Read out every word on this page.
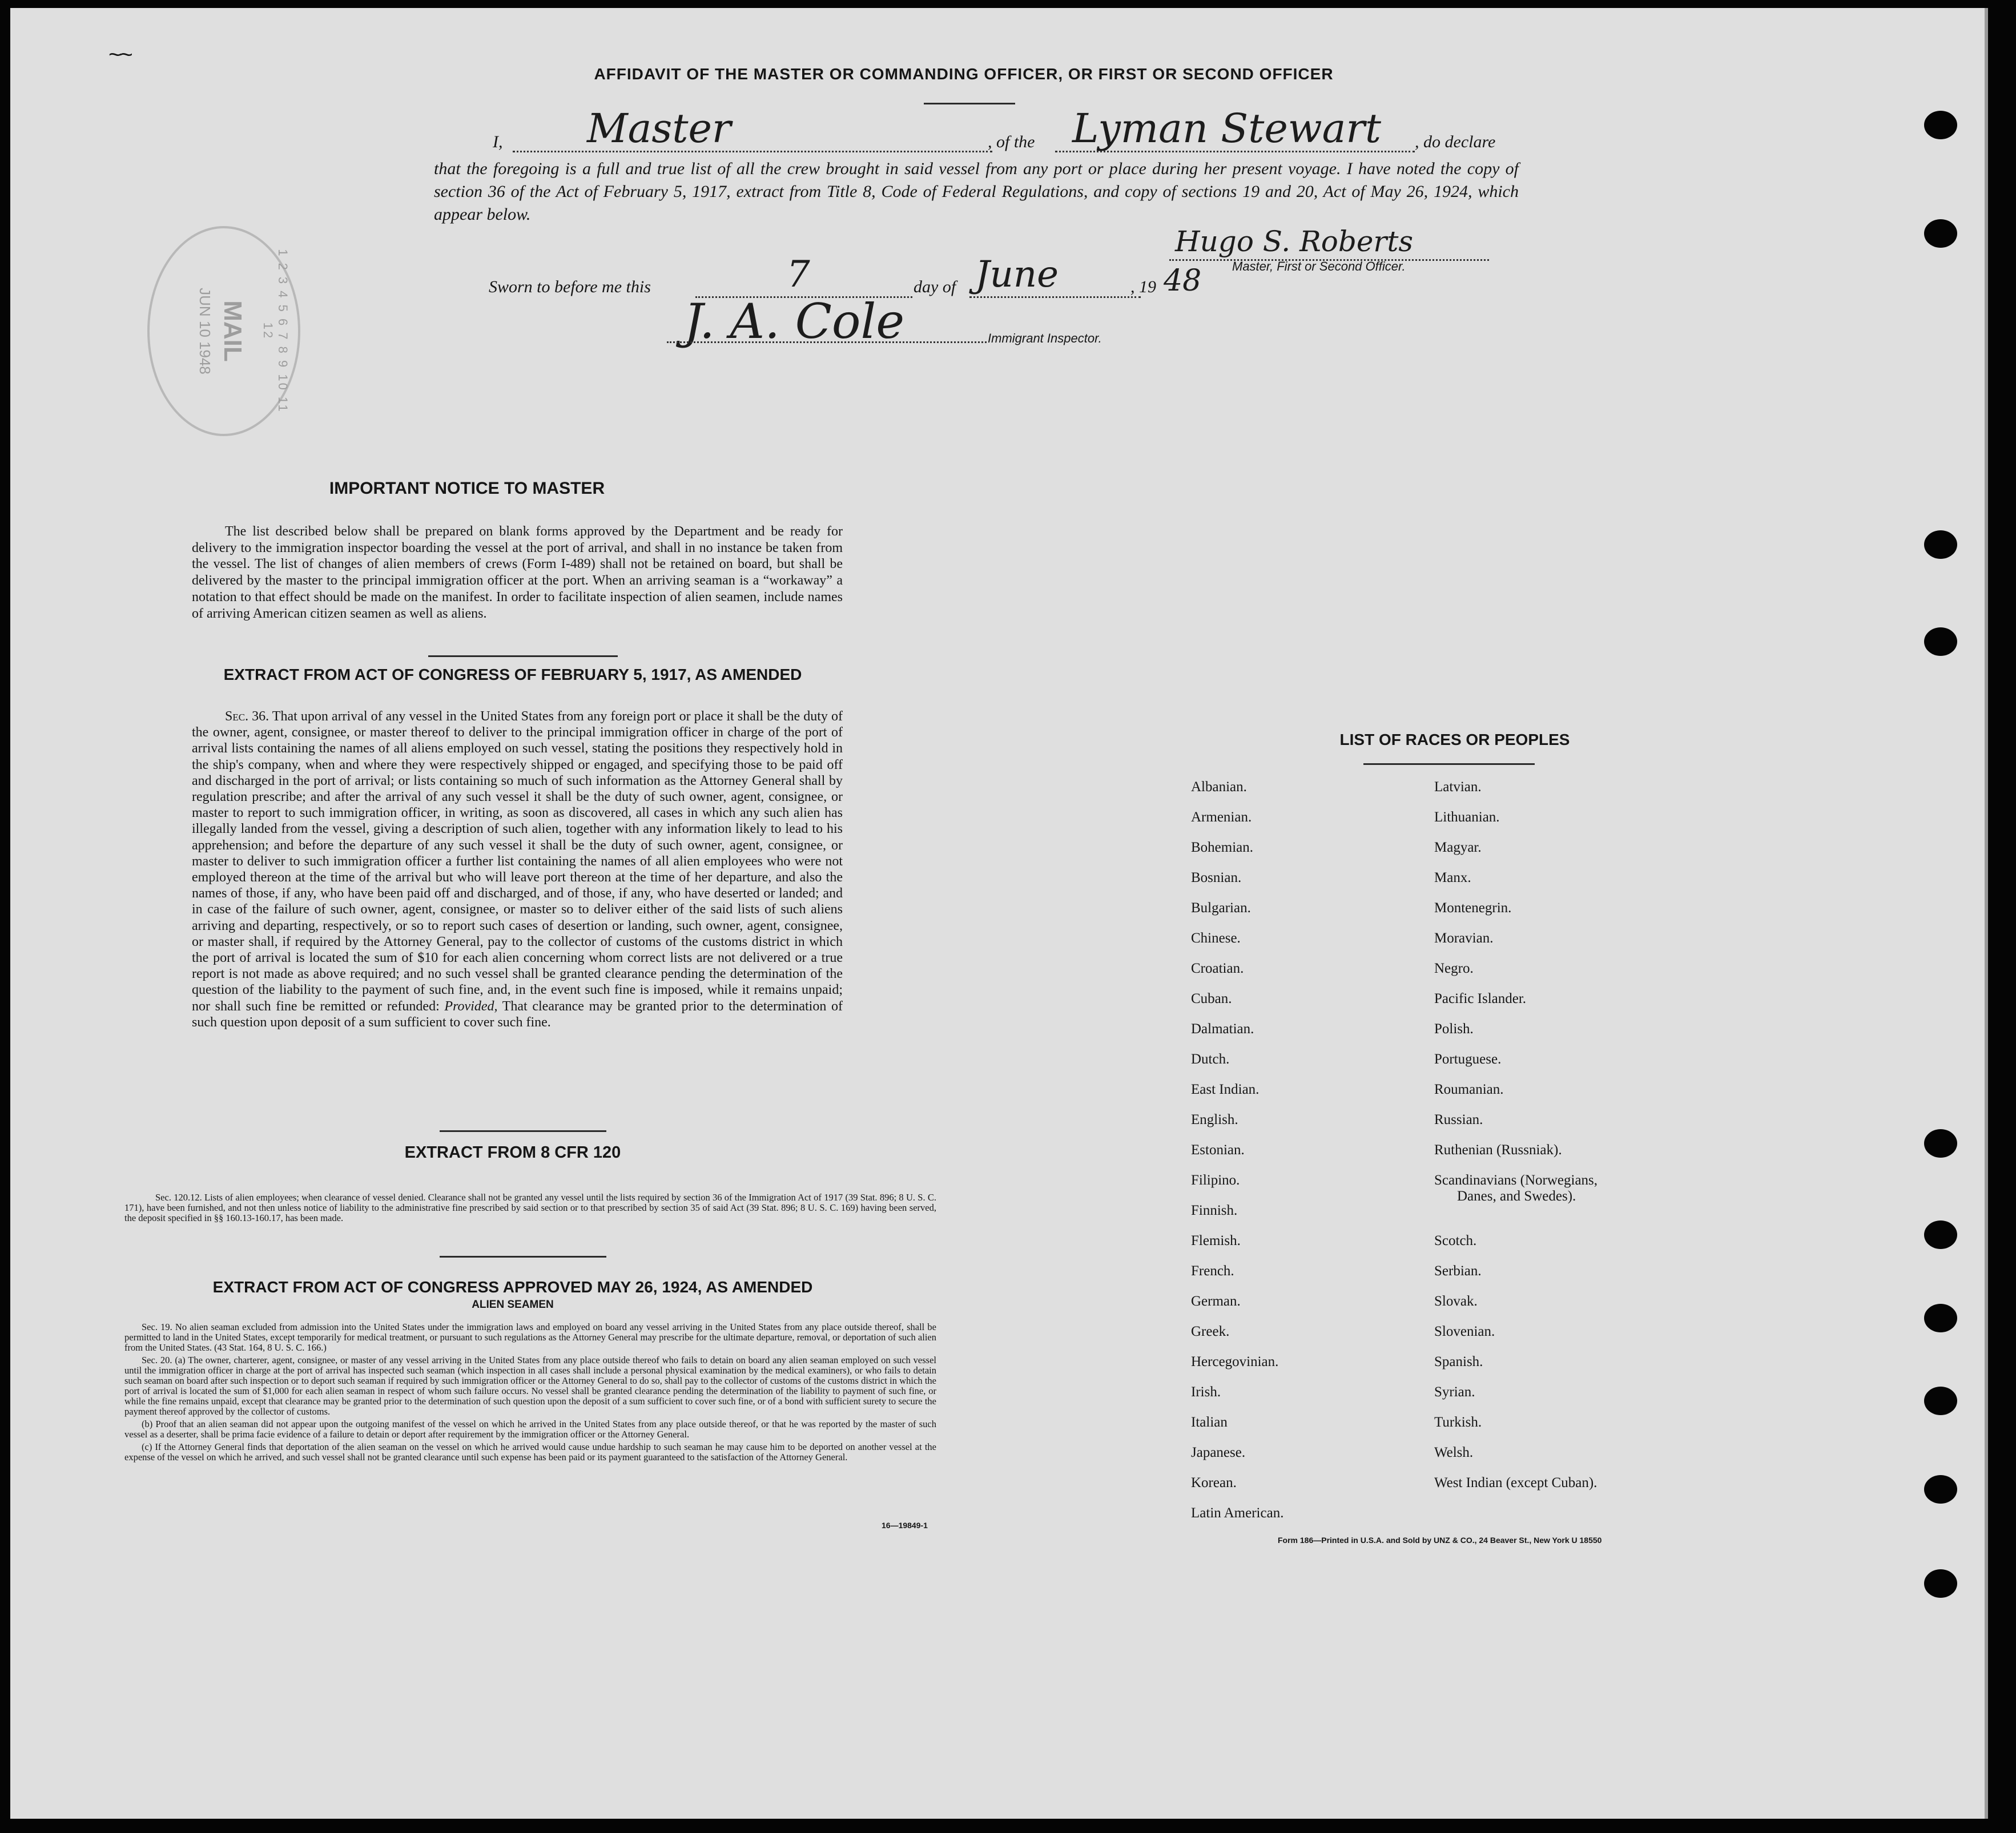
~~
AFFIDAVIT OF THE MASTER OR COMMANDING OFFICER, OR FIRST OR SECOND OFFICER
I, Master	, of the Lyman Stewart , do declare
that the foregoing is a full and true list of all the crew brought in said vessel from any port or place during her present voyage. I have noted the copy of section 36 of the Act of February 5, 1917, extract from Title 8, Code of Federal Regulations, and copy of sections 19 and 20, Act of May 26, 1924, which appear below.
Hugo S. Roberts
Master, First or Second Officer.
Sworn to before me this	7	day of June	, 19 48
J. A. Cole	Immigrant Inspector.
1 2 3 4 5 6 7 8 9 10 11 12
MAIL
JUN 10 1948
IMPORTANT NOTICE TO MASTER
The list described below shall be prepared on blank forms approved by the Department and be ready for delivery to the immigration inspector boarding the vessel at the port of arrival, and shall in no instance be taken from the vessel. The list of changes of alien members of crews (Form I-489) shall not be retained on board, but shall be delivered by the master to the principal immigration officer at the port. When an arriving seaman is a “workaway” a notation to that effect should be made on the manifest. In order to facilitate inspection of alien seamen, include names of arriving American citizen seamen as well as aliens.
EXTRACT FROM ACT OF CONGRESS OF FEBRUARY 5, 1917, AS AMENDED
Sec. 36. That upon arrival of any vessel in the United States from any foreign port or place it shall be the duty of the owner, agent, consignee, or master thereof to deliver to the principal immigration officer in charge of the port of arrival lists containing the names of all aliens employed on such vessel, stating the positions they respectively hold in the ship's company, when and where they were respectively shipped or engaged, and specifying those to be paid off and discharged in the port of arrival; or lists containing so much of such information as the Attorney General shall by regulation prescribe; and after the arrival of any such vessel it shall be the duty of such owner, agent, consignee, or master to report to such immigration officer, in writing, as soon as discovered, all cases in which any such alien has illegally landed from the vessel, giving a description of such alien, together with any information likely to lead to his apprehension; and before the departure of any such vessel it shall be the duty of such owner, agent, consignee, or master to deliver to such immigration officer a further list containing the names of all alien employees who were not employed thereon at the time of the arrival but who will leave port thereon at the time of her departure, and also the names of those, if any, who have been paid off and discharged, and of those, if any, who have deserted or landed; and in case of the failure of such owner, agent, consignee, or master so to deliver either of the said lists of such aliens arriving and departing, respectively, or so to report such cases of desertion or landing, such owner, agent, consignee, or master shall, if required by the Attorney General, pay to the collector of customs of the customs district in which the port of arrival is located the sum of $10 for each alien concerning whom correct lists are not delivered or a true report is not made as above required; and no such vessel shall be granted clearance pending the determination of the question of the liability to the payment of such fine, and, in the event such fine is imposed, while it remains unpaid; nor shall such fine be remitted or refunded: Provided, That clearance may be granted prior to the determination of such question upon deposit of a sum sufficient to cover such fine.
EXTRACT FROM 8 CFR 120
Sec. 120.12. Lists of alien employees; when clearance of vessel denied. Clearance shall not be granted any vessel until the lists required by section 36 of the Immigration Act of 1917 (39 Stat. 896; 8 U. S. C. 171), have been furnished, and not then unless notice of liability to the administrative fine prescribed by said section or to that prescribed by section 35 of said Act (39 Stat. 896; 8 U. S. C. 169) having been served, the deposit specified in §§ 160.13-160.17, has been made.
EXTRACT FROM ACT OF CONGRESS APPROVED MAY 26, 1924, AS AMENDED
ALIEN SEAMEN

Sec. 19. No alien seaman excluded from admission into the United States under the immigration laws and employed on board any vessel arriving in the United States from any place outside thereof, shall be permitted to land in the United States, except temporarily for medical treatment, or pursuant to such regulations as the Attorney General may prescribe for the ultimate departure, removal, or deportation of such alien from the United States. (43 Stat. 164, 8 U. S. C. 166.)

Sec. 20. (a) The owner, charterer, agent, consignee, or master of any vessel arriving in the United States from any place outside thereof who fails to detain on board any alien seaman employed on such vessel until the immigration officer in charge at the port of arrival has inspected such seaman (which inspection in all cases shall include a personal physical examination by the medical examiners), or who fails to detain such seaman on board after such inspection or to deport such seaman if required by such immigration officer or the Attorney General to do so, shall pay to the collector of customs of the customs district in which the port of arrival is located the sum of $1,000 for each alien seaman in respect of whom such failure occurs. No vessel shall be granted clearance pending the determination of the liability to payment of such fine, or while the fine remains unpaid, except that clearance may be granted prior to the determination of such question upon the deposit of a sum sufficient to cover such fine, or of a bond with sufficient surety to secure the payment thereof approved by the collector of customs.

(b) Proof that an alien seaman did not appear upon the outgoing manifest of the vessel on which he arrived in the United States from any place outside thereof, or that he was reported by the master of such vessel as a deserter, shall be prima facie evidence of a failure to detain or deport after requirement by the immigration officer or the Attorney General.

(c) If the Attorney General finds that deportation of the alien seaman on the vessel on which he arrived would cause undue hardship to such seaman he may cause him to be deported on another vessel at the expense of the vessel on which he arrived, and such vessel shall not be granted clearance until such expense has been paid or its payment guaranteed to the satisfaction of the Attorney General.

16—19849-1
LIST OF RACES OR PEOPLES
Albanian.
Armenian.
Bohemian.
Bosnian.
Bulgarian.
Chinese.
Croatian.
Cuban.
Dalmatian.
Dutch.
East Indian.
English.
Estonian.
Filipino.
Finnish.
Flemish.
French.
German.
Greek.
Hercegovinian.
Irish.
Italian
Japanese.
Korean.
Latin American.
Latvian.
Lithuanian.
Magyar.
Manx.
Montenegrin.
Moravian.
Negro.
Pacific Islander.
Polish.
Portuguese.
Roumanian.
Russian.
Ruthenian (Russniak).
Scandinavians (Norwegians,
Danes, and Swedes).
Scotch.
Serbian.
Slovak.
Slovenian.
Spanish.
Syrian.
Turkish.
Welsh.
West Indian (except Cuban).
Form 186—Printed in U.S.A. and Sold by UNZ & CO., 24 Beaver St., New York U 18550
